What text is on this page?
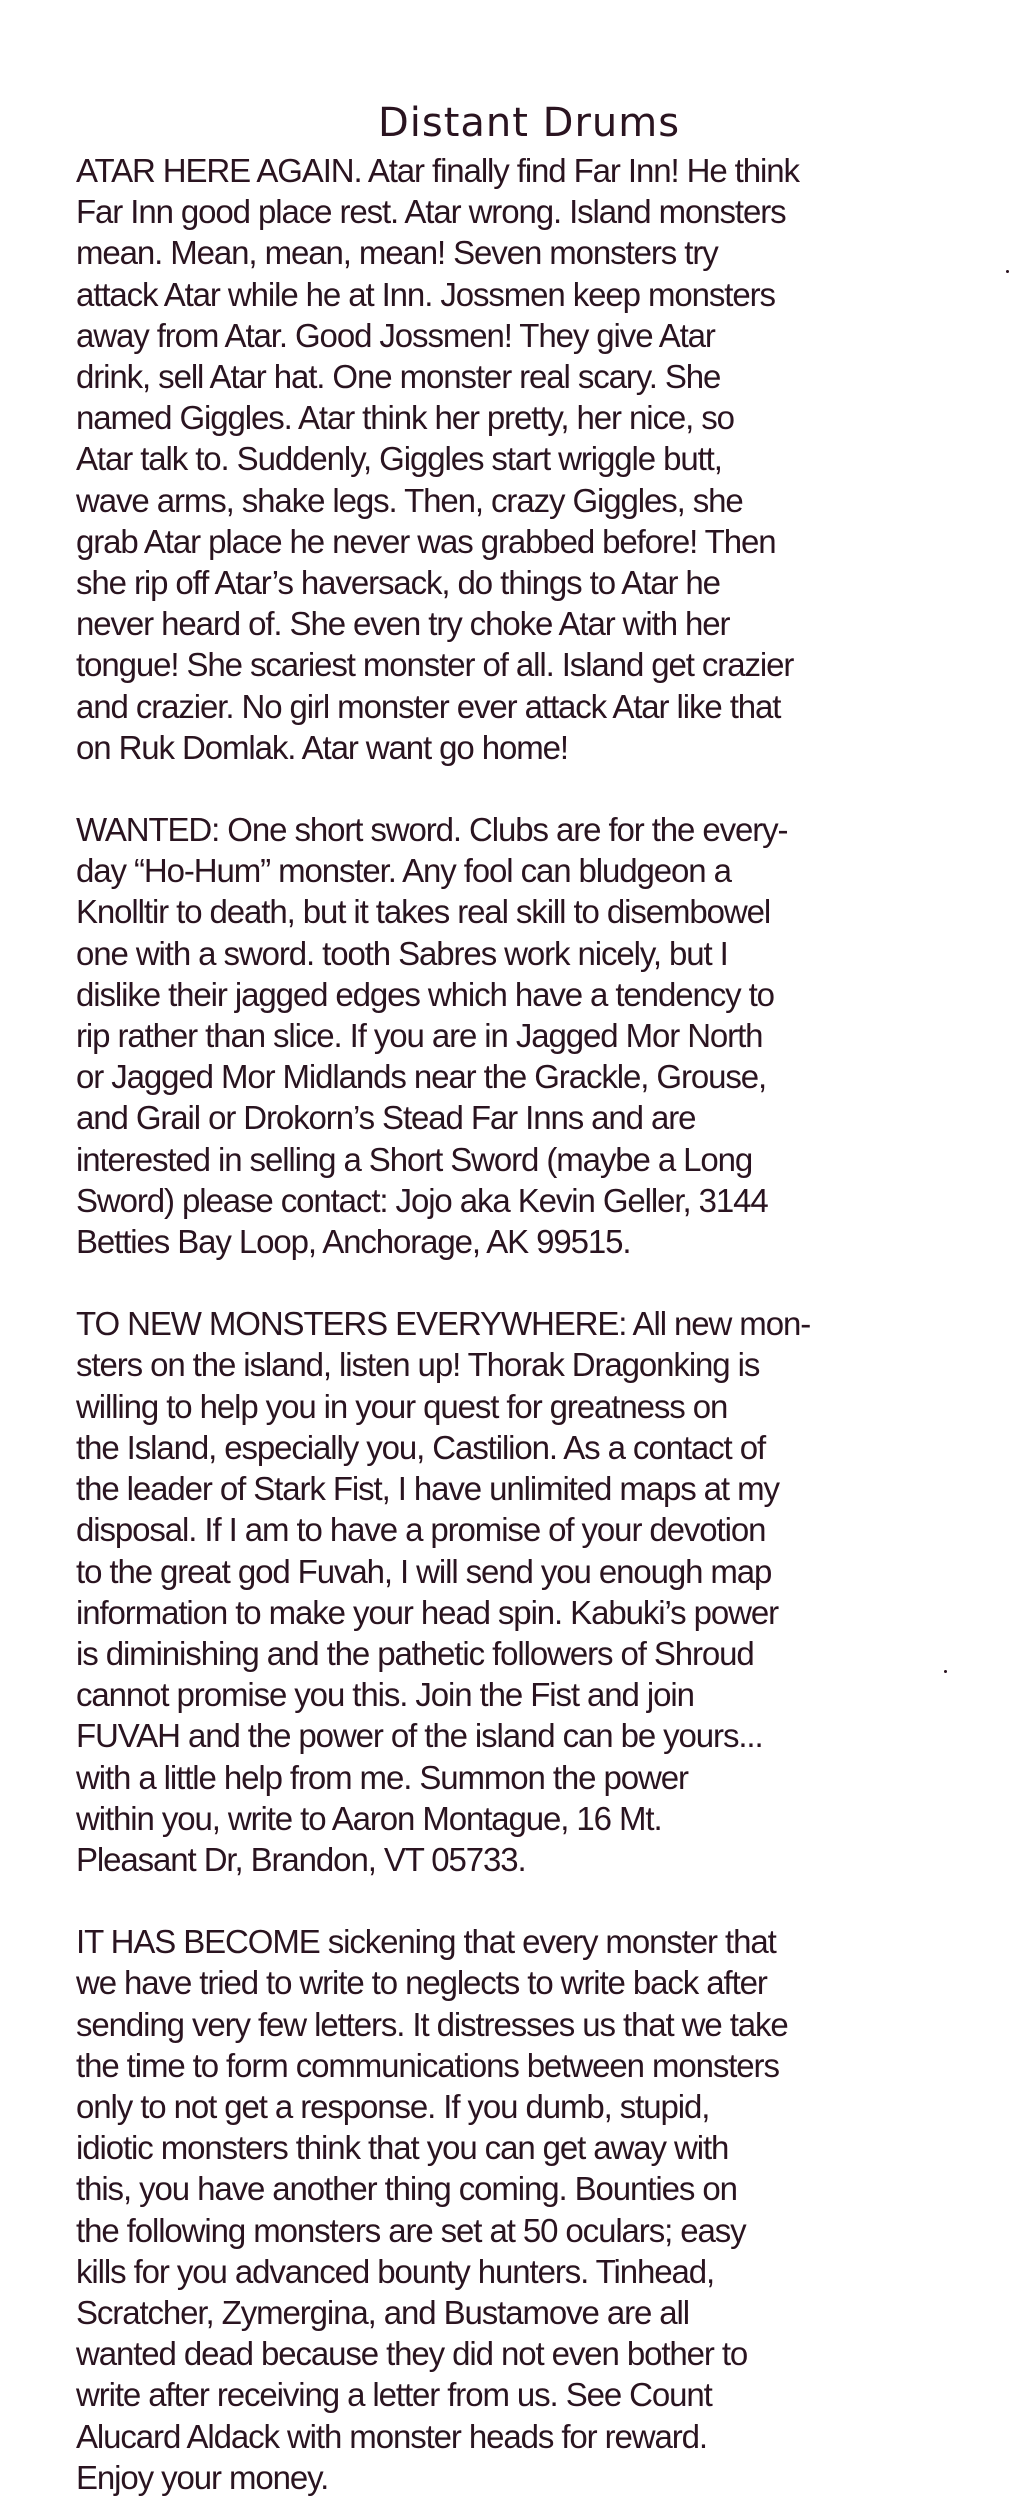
Distant Drums

ATAR HERE AGAIN. Atar finally find Far Inn! He think
Far Inn good place rest. Atar wrong. Island monsters
mean. Mean, mean, mean! Seven monsters try
attack Atar while he at Inn. Jossmen keep monsters
away from Atar. Good Jossmen! They give Atar
drink, sell Atar hat. One monster real scary. She
named Giggles. Atar think her pretty, her nice, so
Atar talk to. Suddenly, Giggles start wriggle butt,
wave arms, shake legs. Then, crazy Giggles, she
grab Atar place he never was grabbed before! Then
she rip off Atar’s haversack, do things to Atar he
never heard of. She even try choke Atar with her
tongue! She scariest monster of all. Island get crazier
and crazier. No girl monster ever attack Atar like that
on Ruk Domlak. Atar want go home!

WANTED: One short sword. Clubs are for the every-
day “Ho-Hum” monster. Any fool can bludgeon a
Knolltir to death, but it takes real skill to disembowel
one with a sword. tooth Sabres work nicely, but I
dislike their jagged edges which have a tendency to
rip rather than slice. If you are in Jagged Mor North
or Jagged Mor Midlands near the Grackle, Grouse,
and Grail or Drokorn’s Stead Far Inns and are
interested in selling a Short Sword (maybe a Long
Sword) please contact: Jojo aka Kevin Geller, 3144
Betties Bay Loop, Anchorage, AK 99515.

TO NEW MONSTERS EVERYWHERE: All new mon-
sters on the island, listen up! Thorak Dragonking is
willing to help you in your quest for greatness on
the Island, especially you, Castilion. As a contact of
the leader of Stark Fist, I have unlimited maps at my
disposal. If I am to have a promise of your devotion
to the great god Fuvah, I will send you enough map
information to make your head spin. Kabuki’s power
is diminishing and the pathetic followers of Shroud
cannot promise you this. Join the Fist and join
FUVAH and the power of the island can be yours...
with a little help from me. Summon the power
within you, write to Aaron Montague, 16 Mt.
Pleasant Dr, Brandon, VT 05733.

IT HAS BECOME sickening that every monster that
we have tried to write to neglects to write back after
sending very few letters. It distresses us that we take
the time to form communications between monsters
only to not get a response. If you dumb, stupid,
idiotic monsters think that you can get away with
this, you have another thing coming. Bounties on
the following monsters are set at 50 oculars; easy
kills for you advanced bounty hunters. Tinhead,
Scratcher, Zymergina, and Bustamove are all
wanted dead because they did not even bother to
write after receiving a letter from us. See Count
Alucard Aldack with monster heads for reward.
Enjoy your money.
